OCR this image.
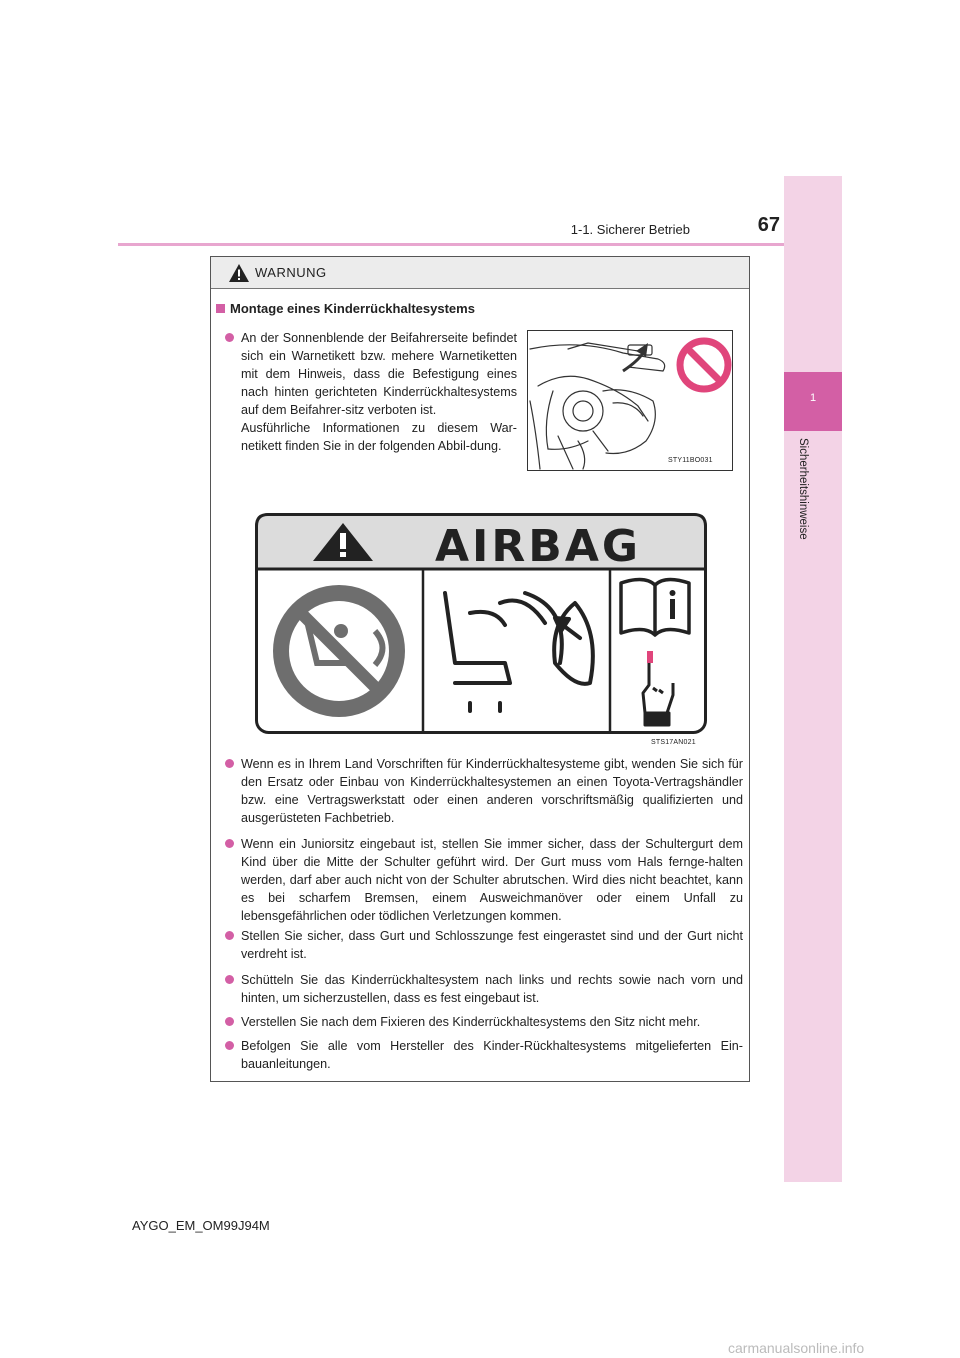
1-1. Sicherer Betrieb	67
1
Sicherheitshinweise
WARNUNG
Montage eines Kinderrückhaltesystems
An der Sonnenblende der Beifahrerseite befindet sich ein Warnetikett bzw. mehere Warnetiketten mit dem Hinweis, dass die Befestigung eines nach hinten gerichteten Kinderrückhaltesystems auf dem Beifahrer-sitz verboten ist.
Ausführliche Informationen zu diesem War-netikett finden Sie in der folgenden Abbil-dung.
STY11BO031
AIRBAG
STS17AN021
Wenn es in Ihrem Land Vorschriften für Kinderrückhaltesysteme gibt, wenden Sie sich für den Ersatz oder Einbau von Kinderrückhaltesystemen an einen Toyota-Vertragshändler bzw. eine Vertragswerkstatt oder einen anderen vorschriftsmäßig qualifizierten und ausgerüsteten Fachbetrieb.
Wenn ein Juniorsitz eingebaut ist, stellen Sie immer sicher, dass der Schultergurt dem Kind über die Mitte der Schulter geführt wird. Der Gurt muss vom Hals fernge-halten werden, darf aber auch nicht von der Schulter abrutschen. Wird dies nicht beachtet, kann es bei scharfem Bremsen, einem Ausweichmanöver oder einem Unfall zu lebensgefährlichen oder tödlichen Verletzungen kommen.
Stellen Sie sicher, dass Gurt und Schlosszunge fest eingerastet sind und der Gurt nicht verdreht ist.
Schütteln Sie das Kinderrückhaltesystem nach links und rechts sowie nach vorn und hinten, um sicherzustellen, dass es fest eingebaut ist.
Verstellen Sie nach dem Fixieren des Kinderrückhaltesystems den Sitz nicht mehr.
Befolgen Sie alle vom Hersteller des Kinder-Rückhaltesystems mitgelieferten Ein-bauanleitungen.
AYGO_EM_OM99J94M
carmanualsonline.info
